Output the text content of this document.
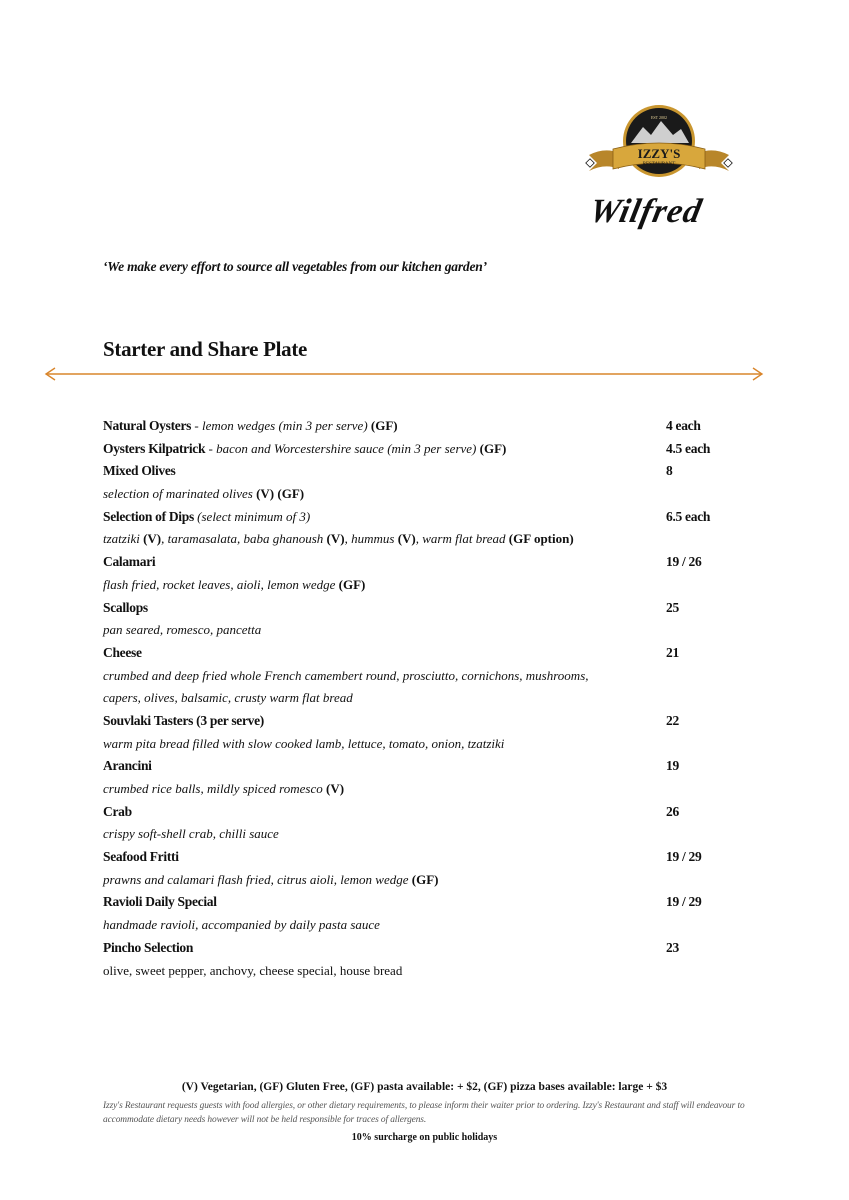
EST 2002
IZZY'S
RESTAURANT
Wilfred
‘We make every effort to source all vegetables from our kitchen garden’
Starter and Share Plate
Natural Oysters - lemon wedges (min 3 per serve) (GF)	4 each
Oysters Kilpatrick - bacon and Worcestershire sauce (min 3 per serve) (GF)	4.5 each
Mixed Olives	8
selection of marinated olives (V) (GF)
Selection of Dips (select minimum of 3)	6.5 each
tzatziki (V), taramasalata, baba ghanoush (V), hummus (V), warm flat bread (GF option)
Calamari	19 / 26
flash fried, rocket leaves, aioli, lemon wedge (GF)
Scallops	25
pan seared, romesco, pancetta
Cheese	21
crumbed and deep fried whole French camembert round, prosciutto, cornichons, mushrooms,
capers, olives, balsamic, crusty warm flat bread
Souvlaki Tasters (3 per serve)	22
warm pita bread filled with slow cooked lamb, lettuce, tomato, onion, tzatziki
Arancini	19
crumbed rice balls, mildly spiced romesco (V)
Crab	26
crispy soft-shell crab, chilli sauce
Seafood Fritti	19 / 29
prawns and calamari flash fried, citrus aioli, lemon wedge (GF)
Ravioli Daily Special	19 / 29
handmade ravioli, accompanied by daily pasta sauce
Pincho Selection	23
olive, sweet pepper, anchovy, cheese special, house bread
(V) Vegetarian, (GF) Gluten Free, (GF) pasta available: + $2, (GF) pizza bases available: large + $3
Izzy's Restaurant requests guests with food allergies, or other dietary requirements, to please inform their waiter prior to ordering. Izzy's Restaurant and staff will endeavour to accommodate dietary needs however will not be held responsible for traces of allergens.
10% surcharge on public holidays
